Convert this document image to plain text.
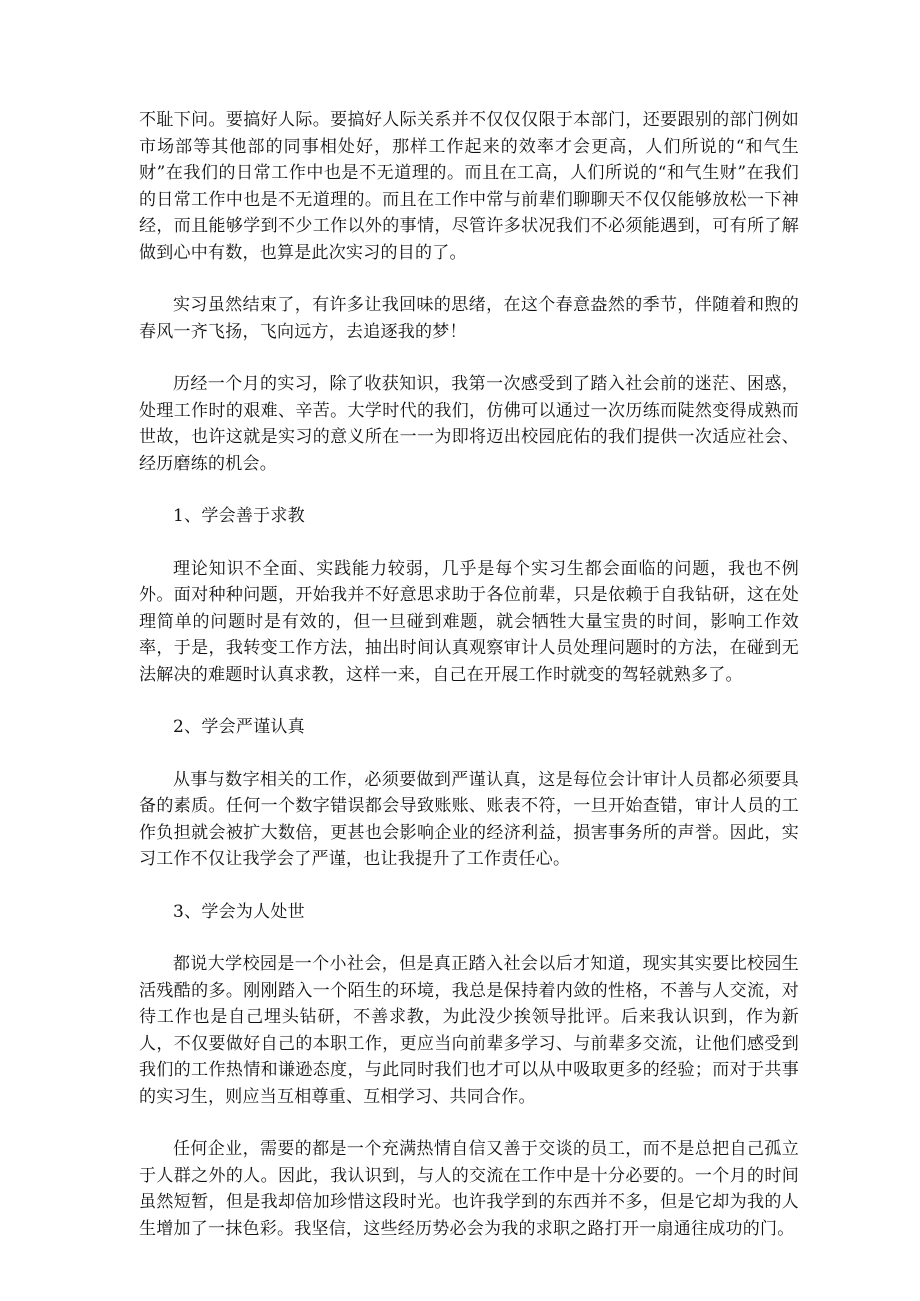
不耻下问。要搞好人际。要搞好人际关系并不仅仅仅限于本部门，还要跟别的部门例如市场部等其他部的同事相处好，那样工作起来的效率才会更高，人们所说的“和气生财”在我们的日常工作中也是不无道理的。而且在工高，人们所说的“和气生财”在我们的日常工作中也是不无道理的。而且在工作中常与前辈们聊聊天不仅仅能够放松一下神经，而且能够学到不少工作以外的事情，尽管许多状况我们不必须能遇到，可有所了解做到心中有数，也算是此次实习的目的了。

实习虽然结束了，有许多让我回味的思绪，在这个春意盎然的季节，伴随着和煦的春风一齐飞扬，飞向远方，去追逐我的梦！

历经一个月的实习，除了收获知识，我第一次感受到了踏入社会前的迷茫、困惑，处理工作时的艰难、辛苦。大学时代的我们，仿佛可以通过一次历练而陡然变得成熟而世故，也许这就是实习的意义所在一一为即将迈出校园庇佑的我们提供一次适应社会、经历磨练的机会。

1、学会善于求教

理论知识不全面、实践能力较弱，几乎是每个实习生都会面临的问题，我也不例外。面对种种问题，开始我并不好意思求助于各位前辈，只是依赖于自我钻研，这在处理简单的问题时是有效的，但一旦碰到难题，就会牺牲大量宝贵的时间，影响工作效率，于是，我转变工作方法，抽出时间认真观察审计人员处理问题时的方法，在碰到无法解决的难题时认真求教，这样一来，自己在开展工作时就变的驾轻就熟多了。

2、学会严谨认真

从事与数字相关的工作，必须要做到严谨认真，这是每位会计审计人员都必须要具备的素质。任何一个数字错误都会导致账账、账表不符，一旦开始查错，审计人员的工作负担就会被扩大数倍，更甚也会影响企业的经济利益，损害事务所的声誉。因此，实习工作不仅让我学会了严谨，也让我提升了工作责任心。

3、学会为人处世

都说大学校园是一个小社会，但是真正踏入社会以后才知道，现实其实要比校园生活残酷的多。刚刚踏入一个陌生的环境，我总是保持着内敛的性格，不善与人交流，对待工作也是自己埋头钻研，不善求教，为此没少挨领导批评。后来我认识到，作为新人，不仅要做好自己的本职工作，更应当向前辈多学习、与前辈多交流，让他们感受到我们的工作热情和谦逊态度，与此同时我们也才可以从中吸取更多的经验；而对于共事的实习生，则应当互相尊重、互相学习、共同合作。

任何企业，需要的都是一个充满热情自信又善于交谈的员工，而不是总把自己孤立于人群之外的人。因此，我认识到，与人的交流在工作中是十分必要的。一个月的时间虽然短暂，但是我却倍加珍惜这段时光。也许我学到的东西并不多，但是它却为我的人生增加了一抹色彩。我坚信，这些经历势必会为我的求职之路打开一扇通往成功的门。
